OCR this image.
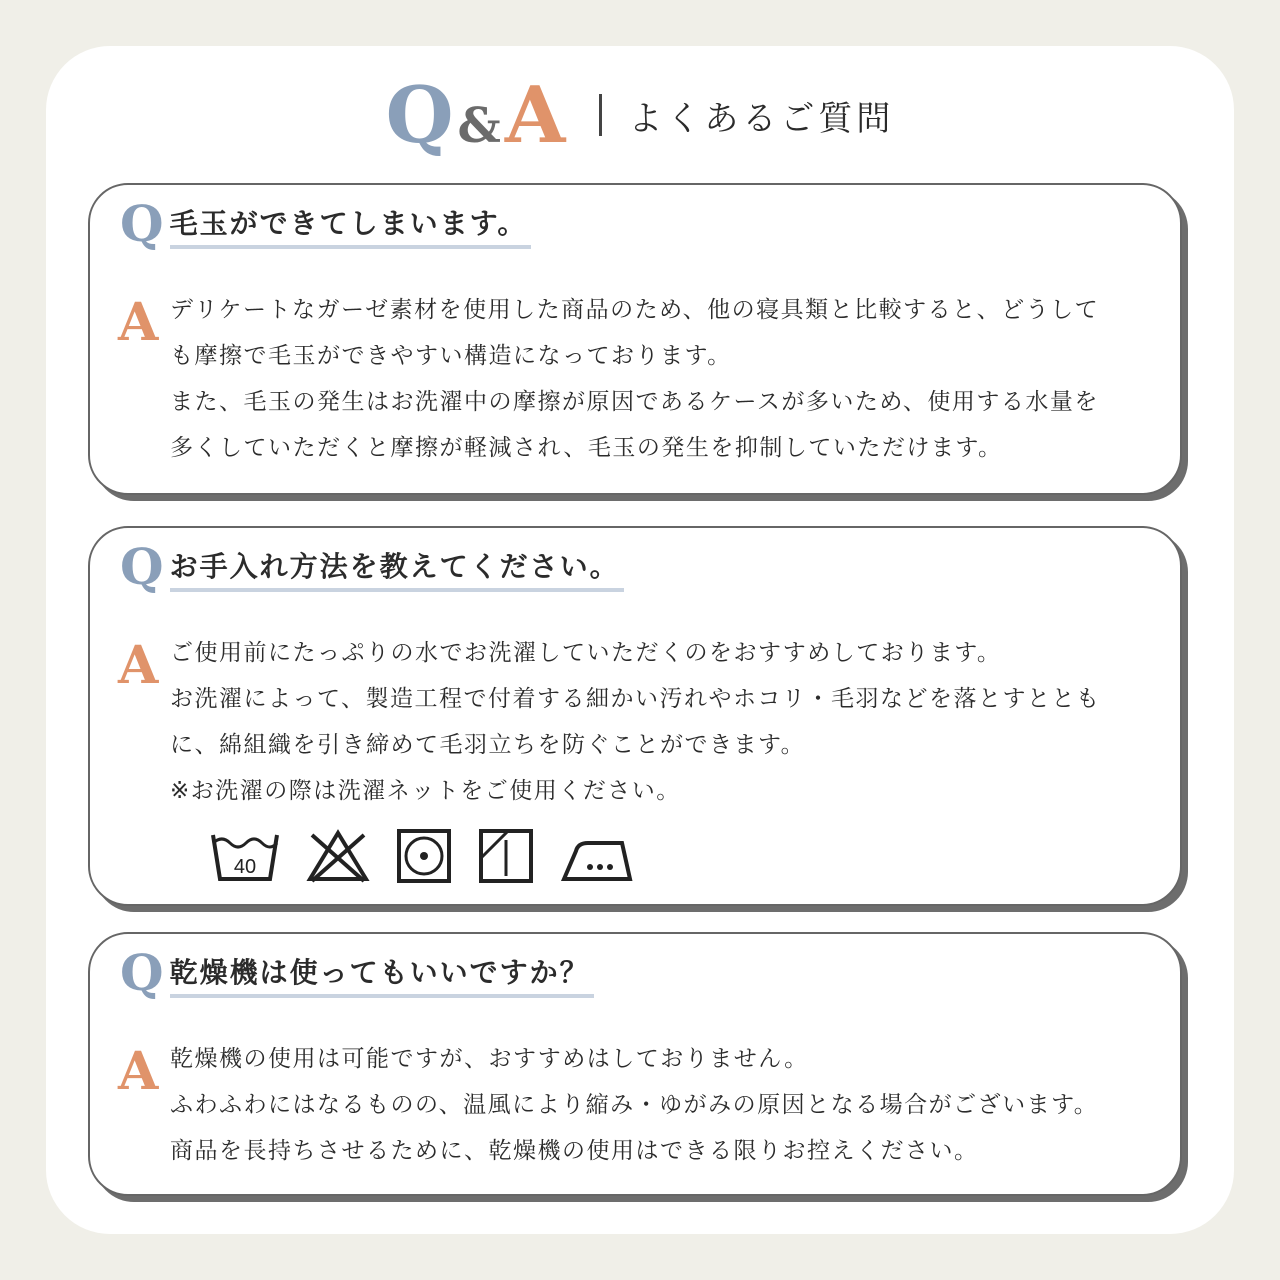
Q & A よくあるご質問
Q 毛玉ができてしまいます。
A デリケートなガーゼ素材を使用した商品のため、他の寝具類と比較すると、どうして

も摩擦で毛玉ができやすい構造になっております。

また、毛玉の発生はお洗濯中の摩擦が原因であるケースが多いため、使用する水量を

多くしていただくと摩擦が軽減され、毛玉の発生を抑制していただけます。

Q お手入れ方法を教えてください。
A ご使用前にたっぷりの水でお洗濯していただくのをおすすめしております。

お洗濯によって、製造工程で付着する細かい汚れやホコリ・毛羽などを落とすととも

に、綿組織を引き締めて毛羽立ちを防ぐことができます。

※お洗濯の際は洗濯ネットをご使用ください。

40
Q 乾燥機は使ってもいいですか？
A 乾燥機の使用は可能ですが、おすすめはしておりません。

ふわふわにはなるものの、温風により縮み・ゆがみの原因となる場合がございます。

商品を長持ちさせるために、乾燥機の使用はできる限りお控えください。
